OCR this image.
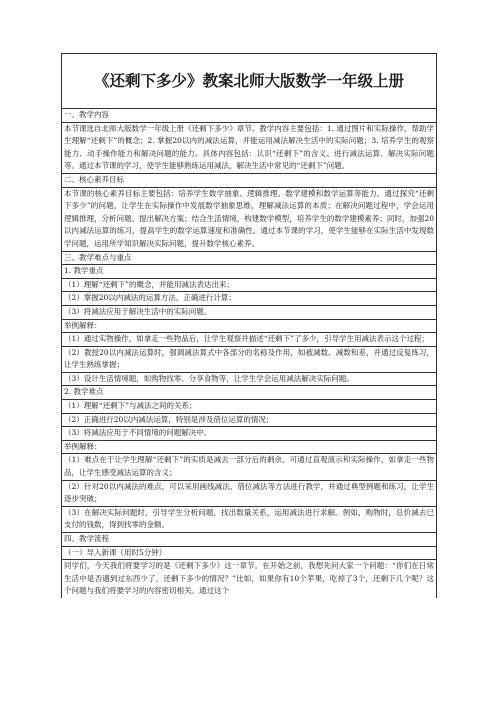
《还剩下多少》教案北师大版数学一年级上册
一、教学内容
本节课选自北师大版数学一年级上册《还剩下多少》章节。教学内容主要包括：1. 通过图片和实际操作，帮助学生理解“还剩下”的概念；2. 掌握20以内的减法运算，并能运用减法解决生活中的实际问题；3. 培养学生的观察能力、动手操作能力和解决问题的能力。具体内容包括：认识“还剩下”的含义、进行减法运算、解决实际问题等。通过本节课的学习，使学生能够熟练运用减法，解决生活中常见的“还剩下”问题。
二、核心素养目标
本节课的核心素养目标主要包括：培养学生数学抽象、逻辑推理、数学建模和数学运算等能力。通过探究“还剩下多少”的问题，让学生在实际操作中发展数学抽象思维，理解减法运算的本质；在解决问题过程中，学会运用逻辑推理，分析问题、提出解决方案；结合生活情境，构建数学模型，培养学生的数学建模素养；同时，加强20以内减法运算的练习，提高学生的数学运算速度和准确性。通过本节课的学习，使学生能够在实际生活中发现数学问题，运用所学知识解决实际问题，提升数学核心素养。
三、教学难点与重点
1. 教学重点
（1）理解“还剩下”的概念，并能用减法表达出来；
（2）掌握20以内减法的运算方法，正确进行计算；
（3）将减法应用于解决生活中的实际问题。
举例解释：
（1）通过实物操作，如拿走一些物品后，让学生观察并描述“还剩下”了多少，引导学生用减法表示这个过程；
（2）教授20以内减法运算时，强调减法算式中各部分的名称及作用，如被减数、减数和差，并通过反复练习，让学生熟练掌握；
（3）设计生活情境题，如购物找零、分享食物等，让学生学会运用减法解决实际问题。
2. 教学难点
（1）理解“还剩下”与减法之间的关系；
（2）正确进行20以内减法运算，特别是涉及借位运算的情况；
（3）将减法应用于不同情境的问题解决中。
举例解释：
（1）难点在于让学生理解“还剩下”的实质是减去一部分后的剩余，可通过直观演示和实际操作，如拿走一些物品，让学生感受减法运算的含义；
（2）针对20以内减法的难点，可以采用画线减法、借位减法等方法进行教学，并通过典型例题和练习，让学生逐步突破；
（3）在解决实际问题时，引导学生分析问题，找出数量关系，运用减法进行求解。例如，购物时，总价减去已支付的钱数，得到找零的金额。
四、教学流程
（一）导入新课（用时5分钟）
同学们，今天我们将要学习的是《还剩下多少》这一章节。在开始之前，我想先问大家一个问题：“你们在日常生活中是否遇到过东西少了，还剩下多少的情况？”比如，如果你有10个苹果，吃掉了3个，还剩下几个呢？这个问题与我们将要学习的内容密切相关。通过这个
